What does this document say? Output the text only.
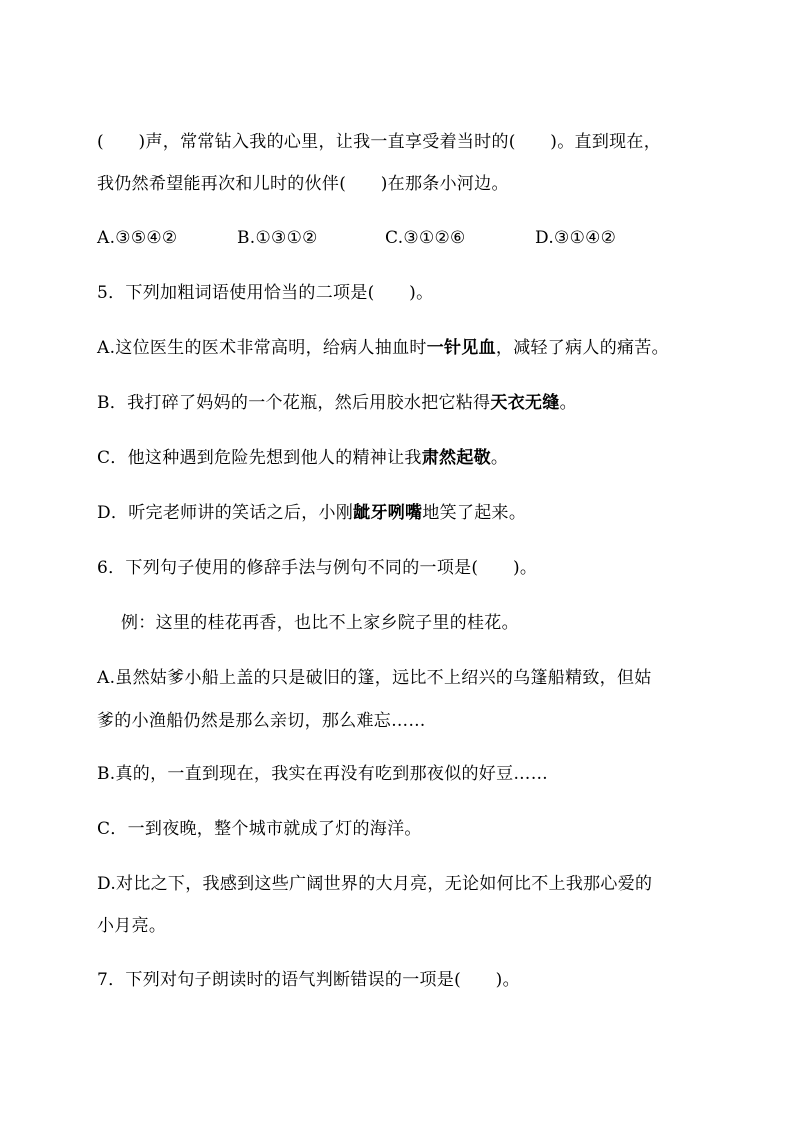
(　　)声，常常钻入我的心里，让我一直享受着当时的(　　)。直到现在，
我仍然希望能再次和儿时的伙伴(　　)在那条小河边。
A.③⑤④②	B.①③①②	C.③①②⑥	D.③①④②
5．下列加粗词语使用恰当的二项是(　　)。
A.这位医生的医术非常高明，给病人抽血时一针见血，减轻了病人的痛苦。
B．我打碎了妈妈的一个花瓶，然后用胶水把它粘得天衣无缝。
C．他这种遇到危险先想到他人的精神让我肃然起敬。
D．听完老师讲的笑话之后，小刚龇牙咧嘴地笑了起来。
6．下列句子使用的修辞手法与例句不同的一项是(　　)。
例：这里的桂花再香，也比不上家乡院子里的桂花。
A.虽然姑爹小船上盖的只是破旧的篷，远比不上绍兴的乌篷船精致，但姑
爹的小渔船仍然是那么亲切，那么难忘……
B.真的，一直到现在，我实在再没有吃到那夜似的好豆……
C．一到夜晚，整个城市就成了灯的海洋。
D.对比之下，我感到这些广阔世界的大月亮，无论如何比不上我那心爱的
小月亮。
7．下列对句子朗读时的语气判断错误的一项是(　　)。
